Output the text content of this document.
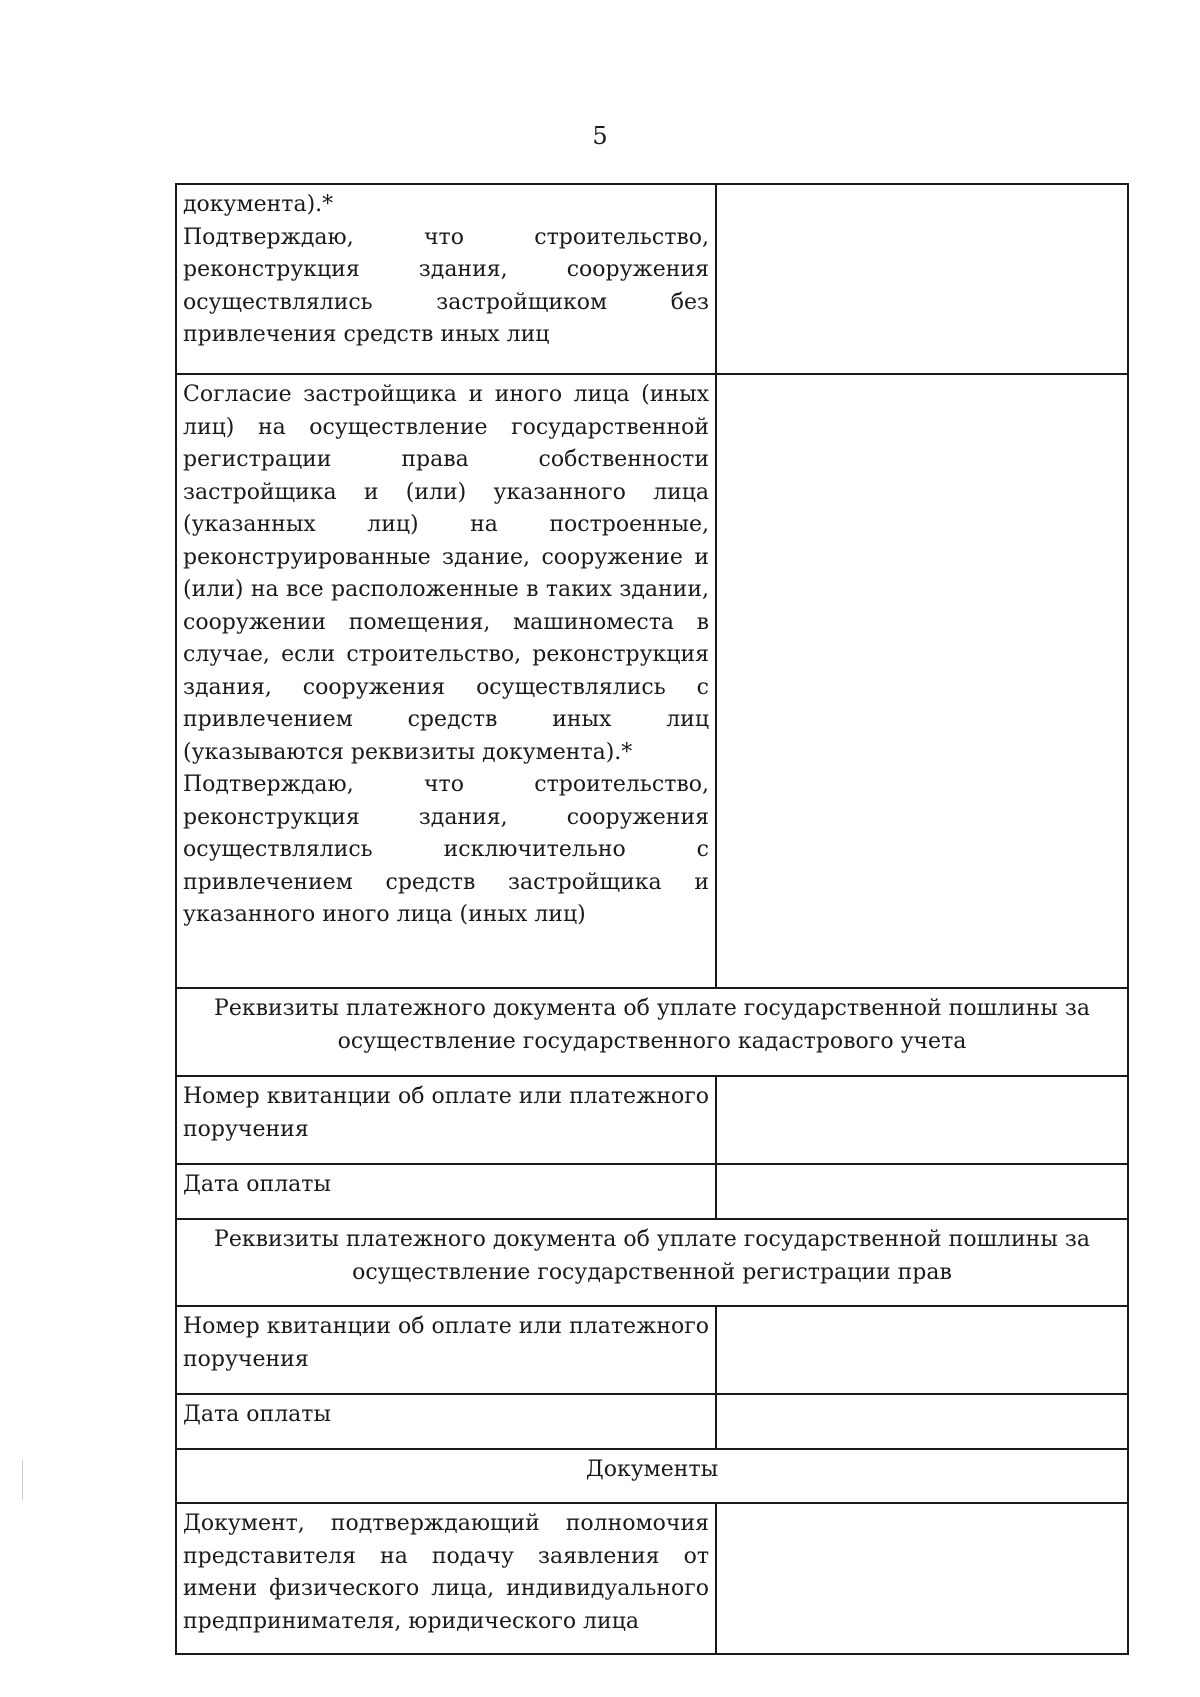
5
документа).*
Подтверждаю, что строительство, реконструкция здания, сооружения осуществлялись застройщиком без привлечения средств иных лиц	

Согласие застройщика и иного лица (иных лиц) на осуществление государственной регистрации права собственности застройщика и (или) указанного лица (указанных лиц) на построенные, реконструированные здание, сооружение и (или) на все расположенные в таких здании, сооружении помещения, машиноместа в случае, если строительство, реконструкция здания, сооружения осуществлялись с привлечением средств иных лиц (указываются реквизиты документа).*
Подтверждаю, что строительство, реконструкция здания, сооружения осуществлялись исключительно с привлечением средств застройщика и указанного иного лица (иных лиц)	

Реквизиты платежного документа об уплате государственной пошлины за осуществление государственного кадастрового учета	
Номер квитанции об оплате или платежного поручения	
Дата оплаты	
Реквизиты платежного документа об уплате государственной пошлины за осуществление государственной регистрации прав	
Номер квитанции об оплате или платежного поручения	
Дата оплаты	
Документы	
Документ, подтверждающий полномочия представителя на подачу заявления от имени физического лица, индивидуального предпринимателя, юридического лица	
